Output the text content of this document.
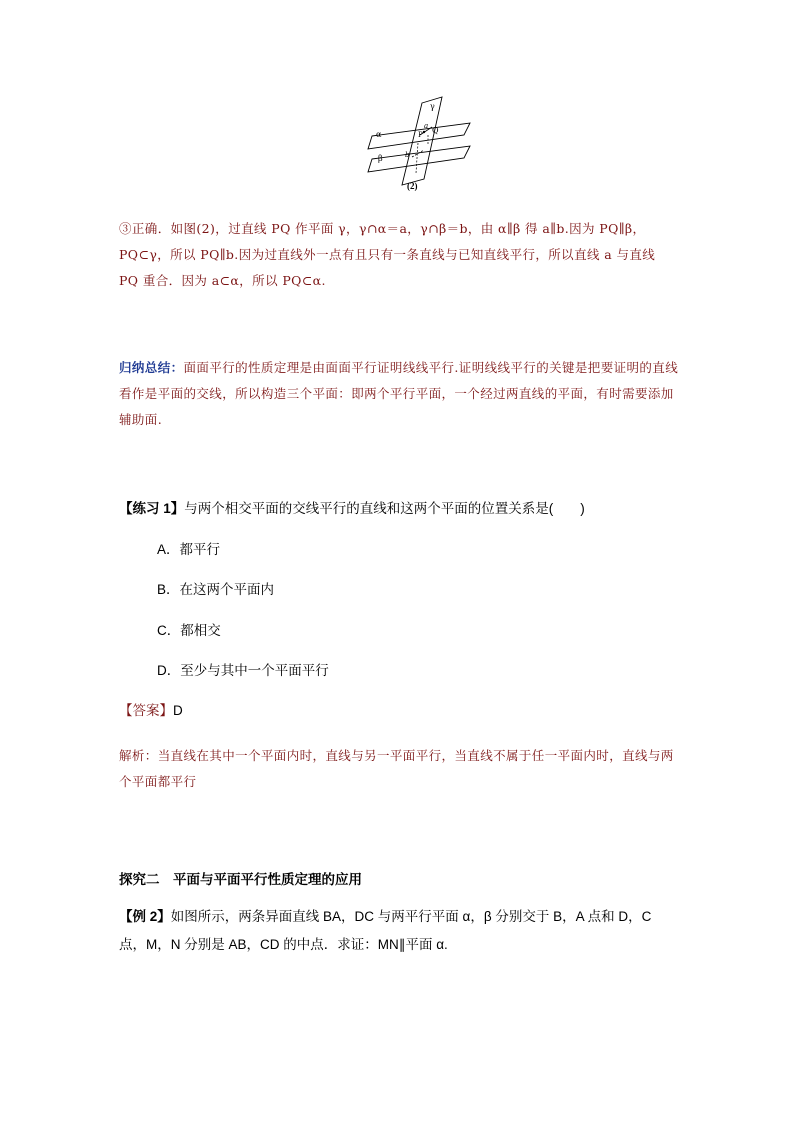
γ
α
β
Q
P
a
b
(2)
③正确．如图(2)，过直线 PQ 作平面 γ，γ∩α＝a，γ∩β＝b，由 α∥β 得 a∥b.因为 PQ∥β，PQ⊂γ，所以 PQ∥b.因为过直线外一点有且只有一条直线与已知直线平行，所以直线 a 与直线 PQ 重合．因为 a⊂α，所以 PQ⊂α.
归纳总结：面面平行的性质定理是由面面平行证明线线平行.证明线线平行的关键是把要证明的直线看作是平面的交线，所以构造三个平面：即两个平行平面，一个经过两直线的平面，有时需要添加辅助面.
【练习 1】与两个相交平面的交线平行的直线和这两个平面的位置关系是(　　)
A．都平行
B．在这两个平面内
C．都相交
D．至少与其中一个平面平行
【答案】D
解析：当直线在其中一个平面内时，直线与另一平面平行，当直线不属于任一平面内时，直线与两个平面都平行
探究二　平面与平面平行性质定理的应用
【例 2】如图所示，两条异面直线 BA，DC 与两平行平面 α，β 分别交于 B，A 点和 D，C 点，M，N 分别是 AB，CD 的中点．求证：MN∥平面 α.
